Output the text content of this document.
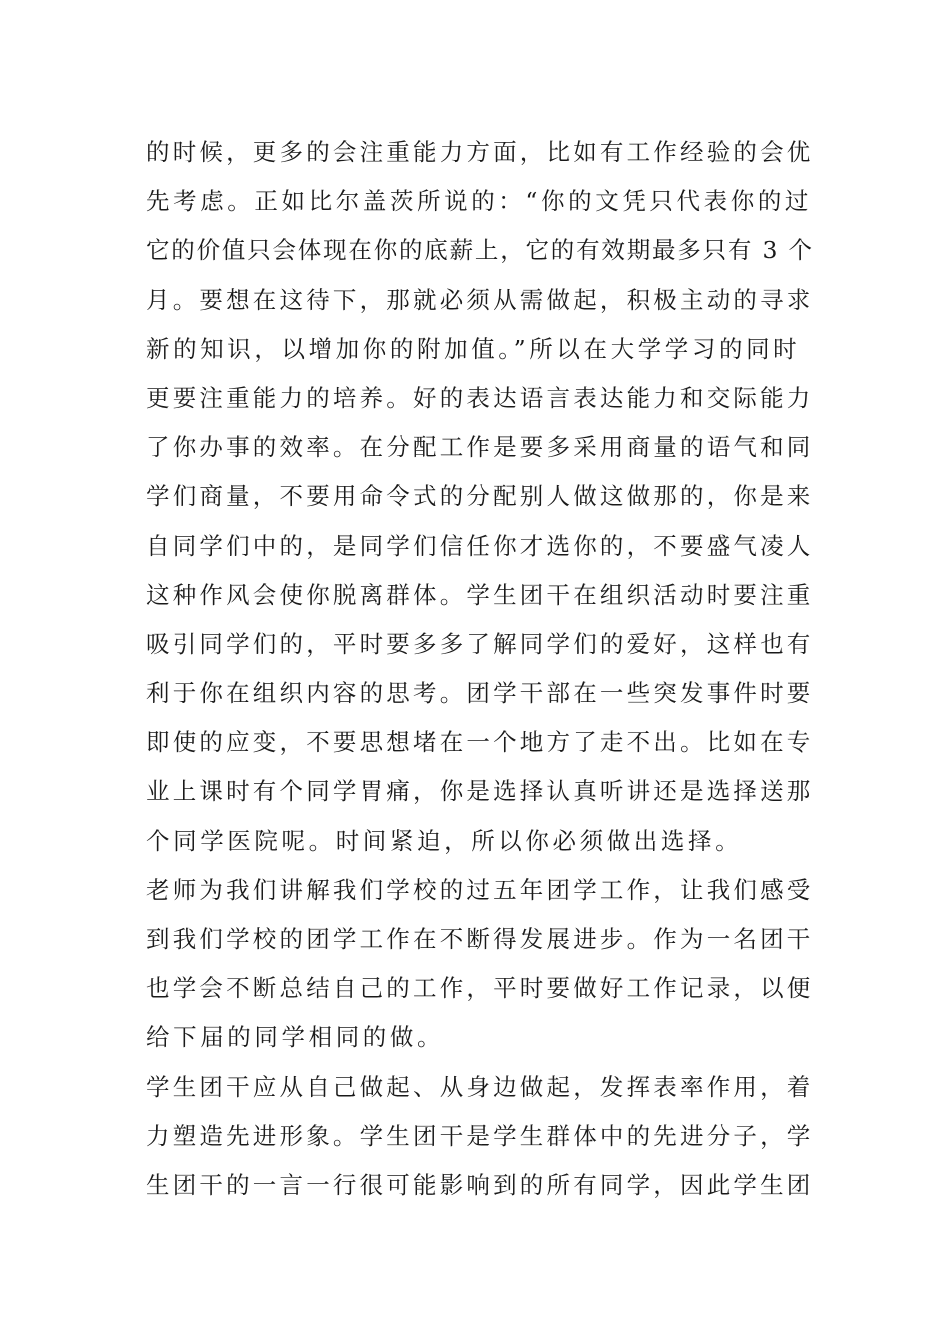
的时候，更多的会注重能力方面，比如有工作经验的会优
先考虑。正如比尔盖茨所说的：“你的文凭只代表你的过
它的价值只会体现在你的底薪上，它的有效期最多只有 3 个
月。要想在这待下，那就必须从需做起，积极主动的寻求
新的知识，以增加你的附加值。”所以在大学学习的同时
更要注重能力的培养。好的表达语言表达能力和交际能力
了你办事的效率。在分配工作是要多采用商量的语气和同
学们商量，不要用命令式的分配别人做这做那的，你是来
自同学们中的，是同学们信任你才选你的，不要盛气凌人
这种作风会使你脱离群体。学生团干在组织活动时要注重
吸引同学们的，平时要多多了解同学们的爱好，这样也有
利于你在组织内容的思考。团学干部在一些突发事件时要
即使的应变，不要思想堵在一个地方了走不出。比如在专
业上课时有个同学胃痛，你是选择认真听讲还是选择送那
个同学医院呢。时间紧迫，所以你必须做出选择。
老师为我们讲解我们学校的过五年团学工作，让我们感受
到我们学校的团学工作在不断得发展进步。作为一名团干
也学会不断总结自己的工作，平时要做好工作记录，以便
给下届的同学相同的做。
学生团干应从自己做起、从身边做起，发挥表率作用，着
力塑造先进形象。学生团干是学生群体中的先进分子，学
生团干的一言一行很可能影响到的所有同学，因此学生团
